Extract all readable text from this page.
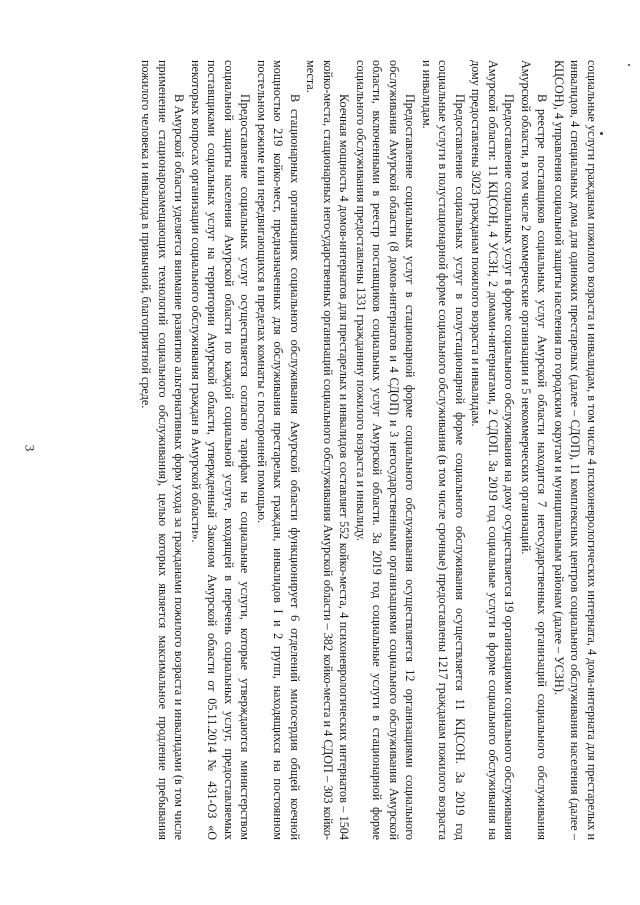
3	социальные услуги гражданам пожилого возраста и инвалидам, в том числе 4 психоневрологических интерната, 4 дома-интерната для престарелых и инвалидов, 4 специальных дома для одиноких престарелых (далее – СДОП), 11 комплексных центров социального обслуживания населения (далее – КЦСОН), 4 управления социальной защиты населения по городским округам и муниципальным районам (далее – УСЗН).

В реестре поставщиков социальных услуг Амурской области находится 7 негосударственных организаций социального обслуживания Амурской области, в том числе 2 коммерческие организации и 5 некоммерческих организаций.

Предоставление социальных услуг в форме социального обслуживания на дому осуществляется 19 организациями социального обслуживания Амурской области: 11 КЦСОН, 4 УСЗН, 2 домами-интернатами, 2 СДОП. За 2019 год социальные услуги в форме социального обслуживания на дому предоставлены 3023 гражданам пожилого возраста и инвалидам.

Предоставление социальных услуг в полустационарной форме социального обслуживания осуществляется 11 КЦСОН. За 2019 год социальные услуги в полустационарной форме социального обслуживания (в том числе срочные) предоставлены 1217 гражданам пожилого возраста и инвалидам.

Предоставление социальных услуг в стационарной форме социального обслуживания осуществляется 12 организациями социального обслуживания Амурской области (8 домов-интернатов и 4 СДОП) и 3 негосударственными организациями социального обслуживания Амурской области, включенными в реестр поставщиков социальных услуг Амурской области. За 2019 год социальные услуги в стационарной форме социального обслуживания предоставлены 1331 гражданину пожилого возраста и инвалиду.

Коечная мощность 4 домов-интернатов для престарелых и инвалидов составляет 552 койко-места, 4 психоневрологических интернатов – 1504 койко-места, стационарных негосударственных организаций социального обслуживания Амурской области – 382 койко-места и 4 СДОП – 303 койко-места.

В стационарных организациях социального обслуживания Амурской области функционирует 6 отделений милосердия общей коечной мощностью 219 койко-мест, предназначенных для обслуживания престарелых граждан, инвалидов I и 2 групп, находящихся на постоянном постельном режиме или передвигающихся в пределах комнаты с посторонней помощью.

Предоставление социальных услуг осуществляется согласно тарифам на социальные услуги, которые утверждаются министерством социальной защиты населения Амурской области по каждой социальной услуге, входящей в перечень социальных услуг, предоставляемых поставщиками социальных услуг на территории Амурской области, утвержденный Законом Амурской области от 05.11.2014 № 431-ОЗ «О некоторых вопросах организации социального обслуживания граждан в Амурской области».

В Амурской области уделяется внимание развитию альтернативных форм ухода за гражданами пожилого возраста и инвалидами (в том числе применение стационарозамещающих технологий социального обслуживания), целью которых является максимальное продление пребывания пожилого человека и инвалида в привычной, благоприятной среде.
